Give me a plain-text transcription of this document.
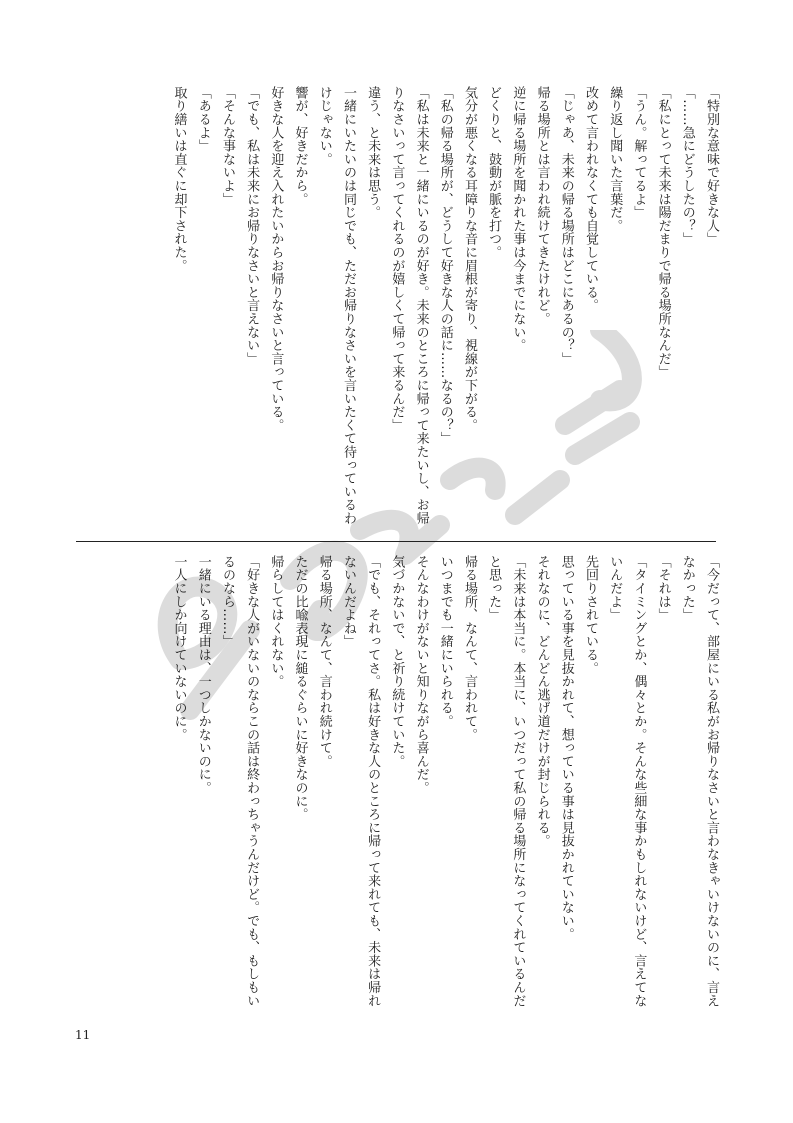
「特別な意味で好きな人」
「……急にどうしたの？」
「私にとって未来は陽だまりで帰る場所なんだ」
「うん。解ってるよ」
繰り返し聞いた言葉だ。
改めて言われなくても自覚している。
「じゃあ、未来の帰る場所はどこにあるの？」
帰る場所とは言われ続けてきたけれど。
逆に帰る場所を聞かれた事は今までにない。
どくりと、鼓動が脈を打つ。
気分が悪くなる耳障りな音に眉根が寄り、視線が下がる。
「私の帰る場所が、どうして好きな人の話に……なるの？」
「私は未来と一緒にいるのが好き。未来のところに帰って来たいし、お帰りなさいって言ってくれるのが嬉しくて帰って来るんだ」
違う、と未来は思う。
一緒にいたいのは同じでも、ただお帰りなさいを言いたくて待っているわけじゃない。
響が、好きだから。
好きな人を迎え入れたいからお帰りなさいと言っている。
「でも、私は未来にお帰りなさいと言えない」
「そんな事ないよ」
「あるよ」
取り繕いは直ぐに却下された。
「今だって、部屋にいる私がお帰りなさいと言わなきゃいけないのに、言えなかった」
「それは」
「タイミングとか、偶々とか。そんな些細な事かもしれないけど、言えてないんだよ」
先回りされている。
思っている事を見抜かれて、想っている事は見抜かれていない。
それなのに、どんどん逃げ道だけが封じられる。
「未来は本当に。本当に、いつだって私の帰る場所になってくれているんだと思った」
帰る場所、なんて、言われて。
いつまでも一緒にいられる。
そんなわけがないと知りながら喜んだ。
気づかないで、と祈り続けていた。
「でも、それってさ。私は好きな人のところに帰って来れても、未来は帰れないんだよね」
帰る場所、なんて、言われ続けて。
ただの比喩表現に縋るぐらいに好きなのに。
帰らしてはくれない。
「好きな人がいないのならこの話は終わっちゃうんだけど。でも、もしもいるのなら……」
一緒にいる理由は、一つしかないのに。
一人にしか向けていないのに。
11
